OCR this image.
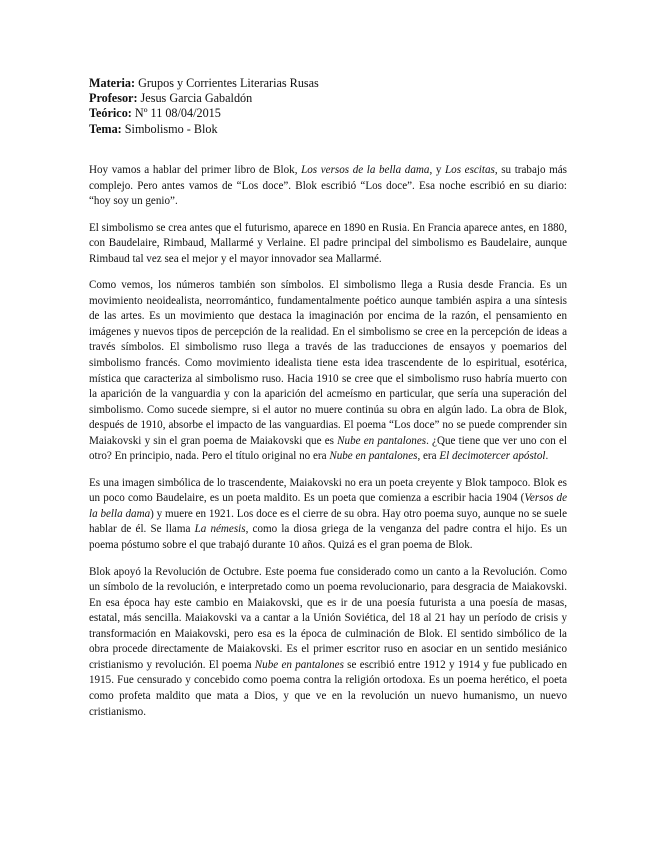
Materia: Grupos y Corrientes Literarias Rusas
Profesor: Jesus Garcia Gabaldón
Teórico: Nº 11 08/04/2015
Tema: Simbolismo - Blok

Hoy vamos a hablar del primer libro de Blok, Los versos de la bella dama, y Los escitas, su trabajo más complejo. Pero antes vamos de “Los doce”. Blok escribió “Los doce”. Esa noche escribió en su diario: “hoy soy un genio”.

El simbolismo se crea antes que el futurismo, aparece en 1890 en Rusia. En Francia aparece antes, en 1880, con Baudelaire, Rimbaud, Mallarmé y Verlaine. El padre principal del simbolismo es Baudelaire, aunque Rimbaud tal vez sea el mejor y el mayor innovador sea Mallarmé.

Como vemos, los números también son símbolos. El simbolismo llega a Rusia desde Francia. Es un movimiento neoidealista, neorromántico, fundamentalmente poético aunque también aspira a una síntesis de las artes. Es un movimiento que destaca la imaginación por encima de la razón, el pensamiento en imágenes y nuevos tipos de percepción de la realidad. En el simbolismo se cree en la percepción de ideas a través símbolos. El simbolismo ruso llega a través de las traducciones de ensayos y poemarios del simbolismo francés. Como movimiento idealista tiene esta idea trascendente de lo espiritual, esotérica, mística que caracteriza al simbolismo ruso. Hacia 1910 se cree que el simbolismo ruso habría muerto con la aparición de la vanguardia y con la aparición del acmeísmo en particular, que sería una superación del simbolismo. Como sucede siempre, si el autor no muere continúa su obra en algún lado. La obra de Blok, después de 1910, absorbe el impacto de las vanguardias. El poema “Los doce” no se puede comprender sin Maiakovski y sin el gran poema de Maiakovski que es Nube en pantalones. ¿Que tiene que ver uno con el otro? En principio, nada. Pero el título original no era Nube en pantalones, era El decimotercer apóstol.

Es una imagen simbólica de lo trascendente, Maiakovski no era un poeta creyente y Blok tampoco. Blok es un poco como Baudelaire, es un poeta maldito. Es un poeta que comienza a escribir hacia 1904 (Versos de la bella dama) y muere en 1921. Los doce es el cierre de su obra. Hay otro poema suyo, aunque no se suele hablar de él. Se llama La némesis, como la diosa griega de la venganza del padre contra el hijo. Es un poema póstumo sobre el que trabajó durante 10 años. Quizá es el gran poema de Blok.

Blok apoyó la Revolución de Octubre. Este poema fue considerado como un canto a la Revolución. Como un símbolo de la revolución, e interpretado como un poema revolucionario, para desgracia de Maiakovski. En esa época hay este cambio en Maiakovski, que es ir de una poesía futurista a una poesía de masas, estatal, más sencilla. Maiakovski va a cantar a la Unión Soviética, del 18 al 21 hay un período de crisis y transformación en Maiakovski, pero esa es la época de culminación de Blok. El sentido simbólico de la obra procede directamente de Maiakovski. Es el primer escritor ruso en asociar en un sentido mesiánico cristianismo y revolución. El poema Nube en pantalones se escribió entre 1912 y 1914 y fue publicado en 1915. Fue censurado y concebido como poema contra la religión ortodoxa. Es un poema herético, el poeta como profeta maldito que mata a Dios, y que ve en la revolución un nuevo humanismo, un nuevo cristianismo.
